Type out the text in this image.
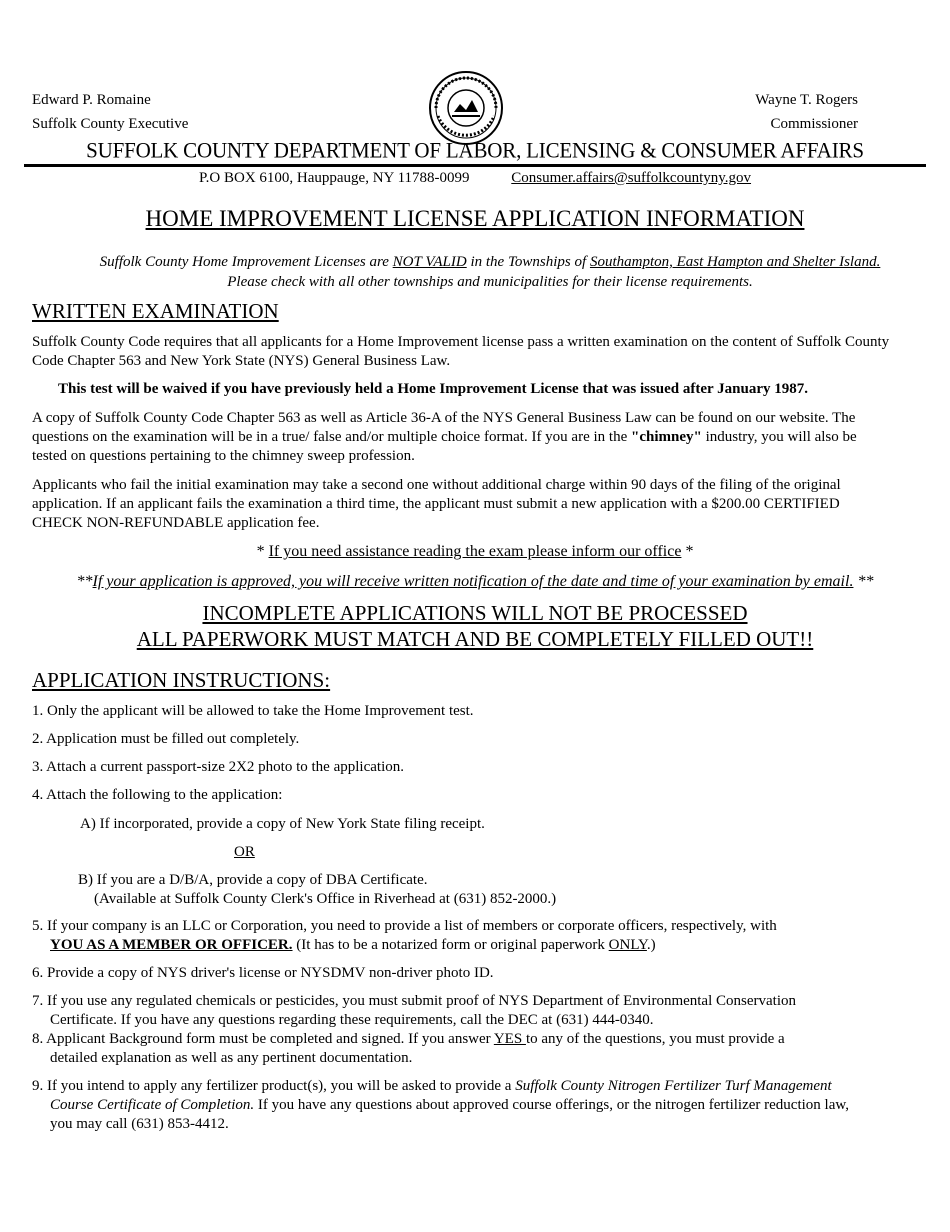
Edward P. Romaine
Suffolk County Executive
Wayne T. Rogers
Commissioner
SUFFOLK COUNTY DEPARTMENT OF LABOR, LICENSING & CONSUMER AFFAIRS
P.O BOX 6100, Hauppauge, NY 11788-0099	Consumer.affairs@suffolkcountyny.gov
HOME IMPROVEMENT LICENSE APPLICATION INFORMATION
Suffolk County Home Improvement Licenses are NOT VALID in the Townships of Southampton, East Hampton and Shelter Island.
Please check with all other townships and municipalities for their license requirements.
WRITTEN EXAMINATION
Suffolk County Code requires that all applicants for a Home Improvement license pass a written examination on the content of Suffolk County Code Chapter 563 and New York State (NYS) General Business Law.
This test will be waived if you have previously held a Home Improvement License that was issued after January 1987.
A copy of Suffolk County Code Chapter 563 as well as Article 36-A of the NYS General Business Law can be found on our website. The questions on the examination will be in a true/ false and/or multiple choice format. If you are in the "chimney" industry, you will also be tested on questions pertaining to the chimney sweep profession.
Applicants who fail the initial examination may take a second one without additional charge within 90 days of the filing of the original application. If an applicant fails the examination a third time, the applicant must submit a new application with a $200.00 CERTIFIED CHECK NON-REFUNDABLE application fee.
* If you need assistance reading the exam please inform our office *
**If your application is approved, you will receive written notification of the date and time of your examination by email. **
INCOMPLETE APPLICATIONS WILL NOT BE PROCESSED
ALL PAPERWORK MUST MATCH AND BE COMPLETELY FILLED OUT!!
APPLICATION INSTRUCTIONS:
1. Only the applicant will be allowed to take the Home Improvement test.
2. Application must be filled out completely.
3. Attach a current passport-size 2X2 photo to the application.
4. Attach the following to the application:
A) If incorporated, provide a copy of New York State filing receipt.
OR
B) If you are a D/B/A, provide a copy of DBA Certificate.
(Available at Suffolk County Clerk's Office in Riverhead at (631) 852-2000.)
5. If your company is an LLC or Corporation, you need to provide a list of members or corporate officers, respectively, with
YOU AS A MEMBER OR OFFICER. (It has to be a notarized form or original paperwork ONLY.)
6. Provide a copy of NYS driver's license or NYSDMV non-driver photo ID.
7. If you use any regulated chemicals or pesticides, you must submit proof of NYS Department of Environmental Conservation
Certificate. If you have any questions regarding these requirements, call the DEC at (631) 444-0340.
8. Applicant Background form must be completed and signed. If you answer YES to any of the questions, you must provide a
detailed explanation as well as any pertinent documentation.
9. If you intend to apply any fertilizer product(s), you will be asked to provide a Suffolk County Nitrogen Fertilizer Turf Management
Course Certificate of Completion. If you have any questions about approved course offerings, or the nitrogen fertilizer reduction law,
you may call (631) 853-4412.
